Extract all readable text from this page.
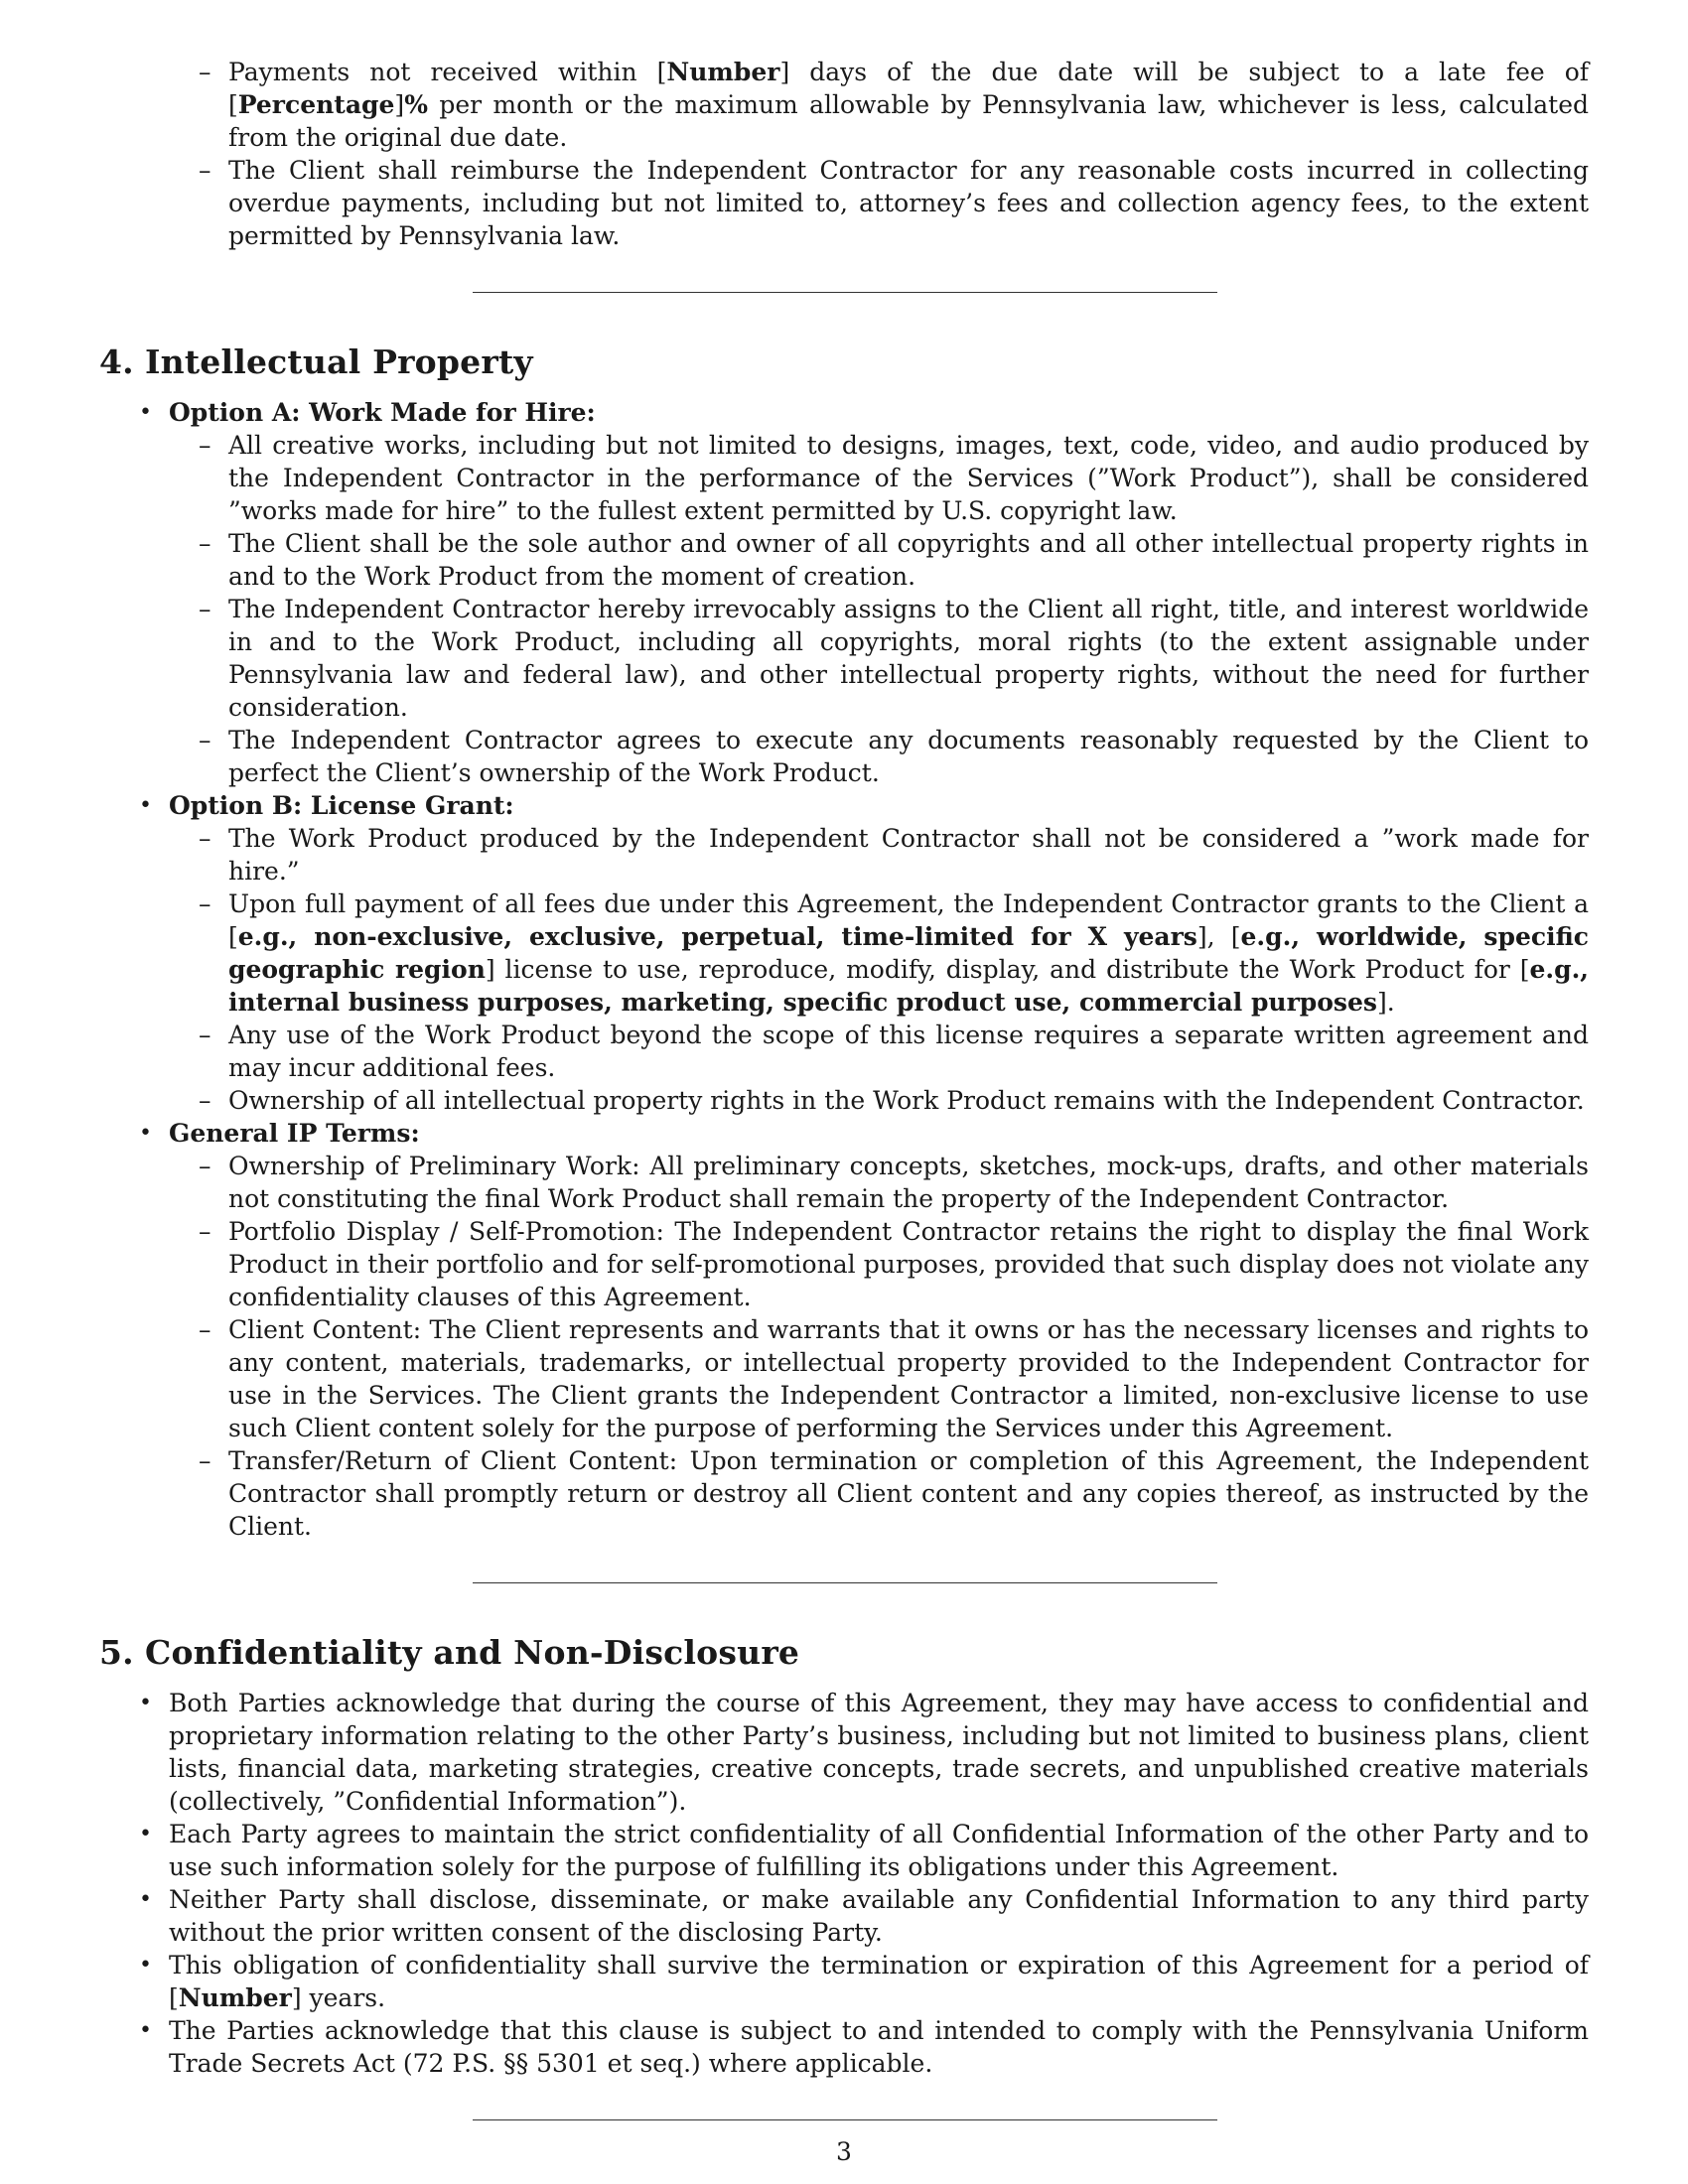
– Payments not received within [Number] days of the due date will be subject to a late fee of [Percentage]% per month or the maximum allowable by Pennsylvania law, whichever is less, calculated from the original due date.
– The Client shall reimburse the Independent Contractor for any reasonable costs incurred in collecting overdue payments, including but not limited to, attorney’s fees and collection agency fees, to the extent permitted by Pennsylvania law.
4. Intellectual Property
• Option A: Work Made for Hire:
– All creative works, including but not limited to designs, images, text, code, video, and audio produced by the Independent Contractor in the performance of the Services (”Work Product”), shall be considered ”works made for hire” to the fullest extent permitted by U.S. copyright law.
– The Client shall be the sole author and owner of all copyrights and all other intellectual property rights in and to the Work Product from the moment of creation.
– The Independent Contractor hereby irrevocably assigns to the Client all right, title, and interest worldwide in and to the Work Product, including all copyrights, moral rights (to the extent assignable under Pennsylvania law and federal law), and other intellectual property rights, without the need for further consideration.
– The Independent Contractor agrees to execute any documents reasonably requested by the Client to perfect the Client’s ownership of the Work Product.
• Option B: License Grant:
– The Work Product produced by the Independent Contractor shall not be considered a ”work made for hire.”
– Upon full payment of all fees due under this Agreement, the Independent Contractor grants to the Client a [e.g., non-exclusive, exclusive, perpetual, time-limited for X years], [e.g., worldwide, specific geographic region] license to use, reproduce, modify, display, and distribute the Work Product for [e.g., internal business purposes, marketing, specific product use, commercial purposes].
– Any use of the Work Product beyond the scope of this license requires a separate written agreement and may incur additional fees.
– Ownership of all intellectual property rights in the Work Product remains with the Independent Contractor.
• General IP Terms:
– Ownership of Preliminary Work: All preliminary concepts, sketches, mock-ups, drafts, and other materials not constituting the final Work Product shall remain the property of the Independent Contractor.
– Portfolio Display / Self-Promotion: The Independent Contractor retains the right to display the final Work Product in their portfolio and for self-promotional purposes, provided that such display does not violate any confidentiality clauses of this Agreement.
– Client Content: The Client represents and warrants that it owns or has the necessary licenses and rights to any content, materials, trademarks, or intellectual property provided to the Independent Contractor for use in the Services. The Client grants the Independent Contractor a limited, non-exclusive license to use such Client content solely for the purpose of performing the Services under this Agreement.
– Transfer/Return of Client Content: Upon termination or completion of this Agreement, the Independent Contractor shall promptly return or destroy all Client content and any copies thereof, as instructed by the Client.
5. Confidentiality and Non-Disclosure
• Both Parties acknowledge that during the course of this Agreement, they may have access to confidential and proprietary information relating to the other Party’s business, including but not limited to business plans, client lists, financial data, marketing strategies, creative concepts, trade secrets, and unpublished creative materials (collectively, ”Confidential Information”).
• Each Party agrees to maintain the strict confidentiality of all Confidential Information of the other Party and to use such information solely for the purpose of fulfilling its obligations under this Agreement.
• Neither Party shall disclose, disseminate, or make available any Confidential Information to any third party without the prior written consent of the disclosing Party.
• This obligation of confidentiality shall survive the termination or expiration of this Agreement for a period of [Number] years.
• The Parties acknowledge that this clause is subject to and intended to comply with the Pennsylvania Uniform Trade Secrets Act (72 P.S. §§ 5301 et seq.) where applicable.
3
